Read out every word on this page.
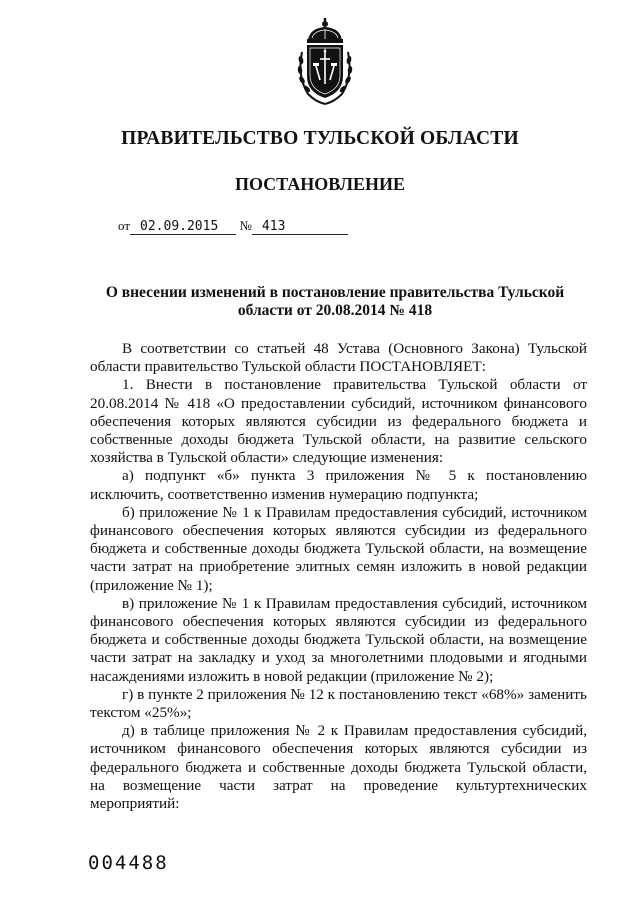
ПРАВИТЕЛЬСТВО ТУЛЬСКОЙ ОБЛАСТИ
ПОСТАНОВЛЕНИЕ
от 02.09.2015 № 413
О внесении изменений в постановление правительства Тульской области от 20.08.2014 № 418

В соответствии со статьей 48 Устава (Основного Закона) Тульской области правительство Тульской области ПОСТАНОВЛЯЕТ:

1. Внести в постановление правительства Тульской области от 20.08.2014 № 418 «О предоставлении субсидий, источником финансового обеспечения которых являются субсидии из федерального бюджета и собственные доходы бюджета Тульской области, на развитие сельского хозяйства в Тульской области» следующие изменения:

а) подпункт «б» пункта 3 приложения № 5 к постановлению исключить, соответственно изменив нумерацию подпункта;

б) приложение № 1 к Правилам предоставления субсидий, источником финансового обеспечения которых являются субсидии из федерального бюджета и собственные доходы бюджета Тульской области, на возмещение части затрат на приобретение элитных семян изложить в новой редакции (приложение № 1);

в) приложение № 1 к Правилам предоставления субсидий, источником финансового обеспечения которых являются субсидии из федерального бюджета и собственные доходы бюджета Тульской области, на возмещение части затрат на закладку и уход за многолетними плодовыми и ягодными насаждениями изложить в новой редакции (приложение № 2);

г) в пункте 2 приложения № 12 к постановлению текст «68%» заменить текстом «25%»;

д) в таблице приложения № 2 к Правилам предоставления субсидий, источником финансового обеспечения которых являются субсидии из федерального бюджета и собственные доходы бюджета Тульской области, на возмещение части затрат на проведение культуртехнических мероприятий:

004488
